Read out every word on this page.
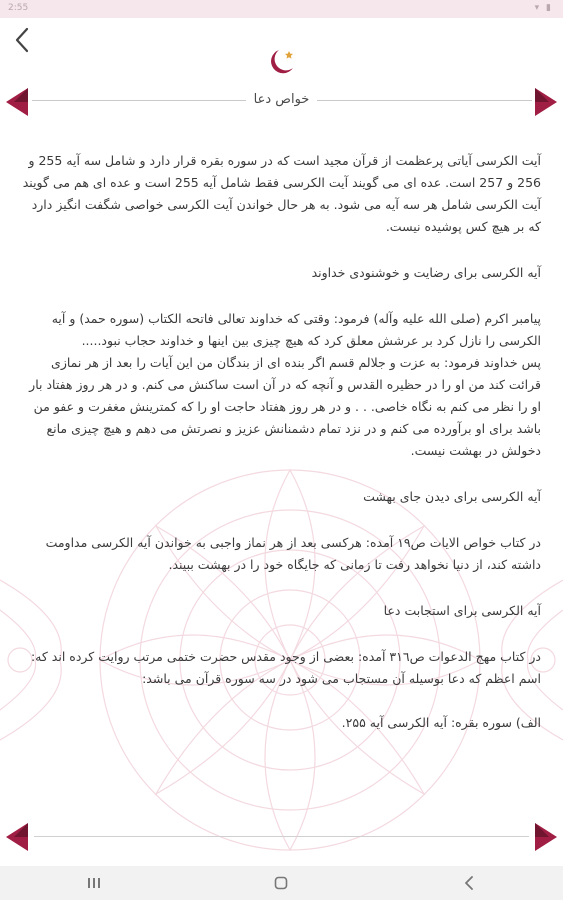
2:55	▾ ▮
خواص دعا

آیت الکرسی آیاتی پرعظمت از قرآن مجید است که در سوره بقره قرار دارد و شامل سه آیه 255 و 256 و 257 است. عده ای می گویند آیت الکرسی فقط شامل آیه 255 است و عده ای هم می گویند آیت الکرسی شامل هر سه آیه می شود. به هر حال خواندن آیت الکرسی خواصی شگفت انگیز دارد که بر هیچ کس پوشیده نیست.

آیه الکرسی برای رضایت و خوشنودی خداوند

پیامبر اکرم (صلی الله علیه وآله) فرمود: وقتی که خداوند تعالی فاتحه الکتاب (سوره حمد) و آیه الکرسی را نازل کرد بر عرشش معلق کرد که هیچ چیزی بین اینها و خداوند حجاب نبود.....

پس خداوند فرمود: به عزت و جلالم قسم اگر بنده ای از بندگان من این آیات را بعد از هر نمازی قرائت کند من او را در حظیره القدس و آنچه که در آن است ساکنش می کنم. و در هر روز هفتاد بار او را نظر می کنم به نگاه خاصی. . . و در هر روز هفتاد حاجت او را که کمترینش مغفرت و عفو من باشد برای او برآورده می کنم و در نزد تمام دشمنانش عزیز و نصرتش می دهم و هیچ چیزی مانع دخولش در بهشت نیست.

آیه الکرسی برای دیدن جای بهشت

در کتاب خواص الایات ص١٩ آمده: هرکسی بعد از هر نماز واجبی به خواندن آیه الکرسی مداومت داشته کند، از دنیا نخواهد رفت تا زمانی که جایگاه خود را در بهشت ببیند.

آیه الکرسی برای استجابت دعا

در کتاب مهج الدعوات ص٣١٦ آمده: بعضی از وجود مقدس حضرت ختمی مرتب روایت کرده اند که: اسم اعظم که دعا بوسیله آن مستجاب می شود در سه سوره قرآن می باشد:

الف) سوره بقره: آیه الکرسی آیه ٢۵۵.
